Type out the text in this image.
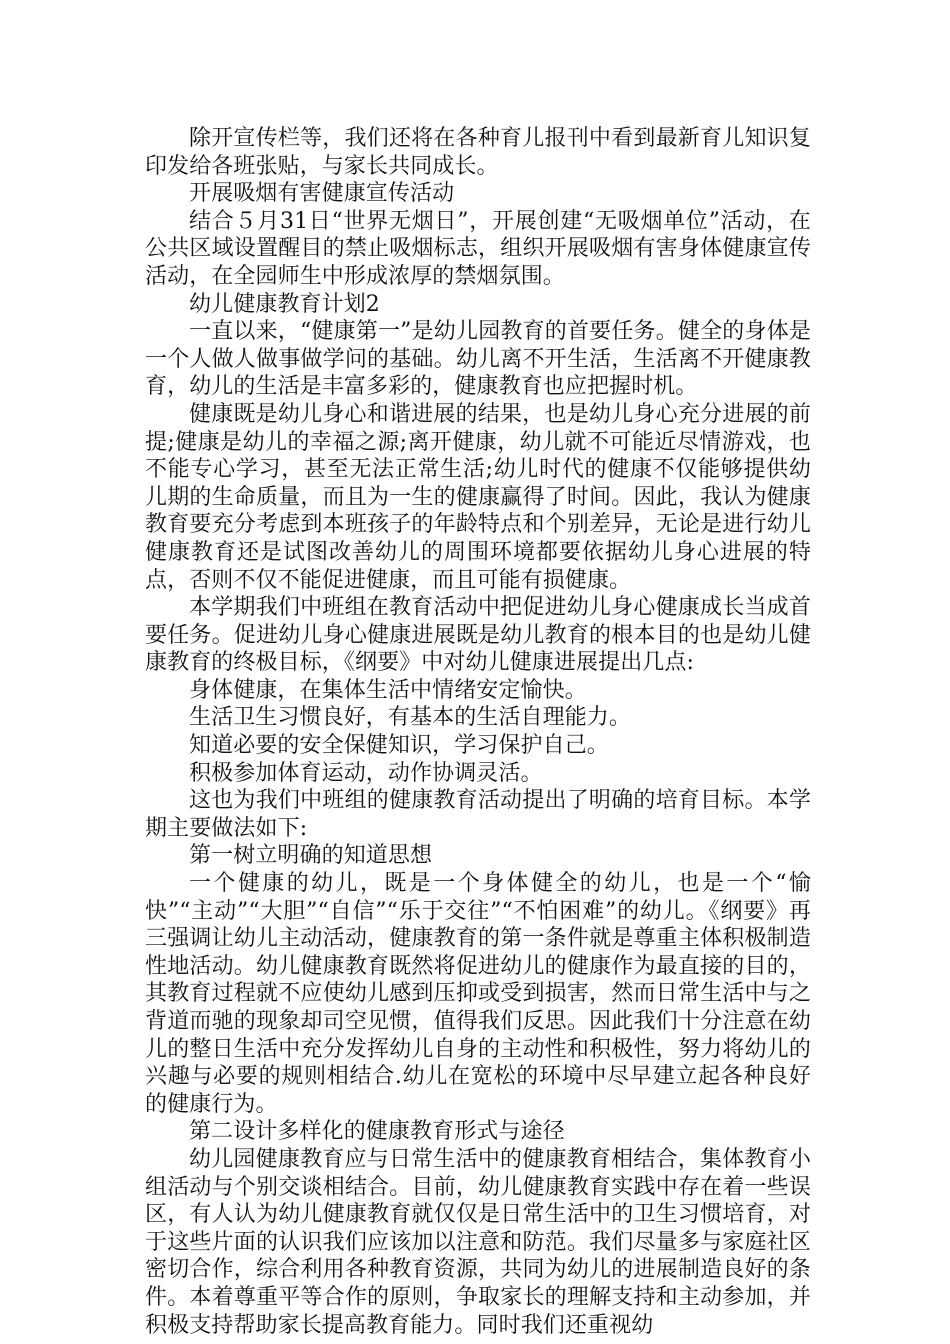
除开宣传栏等，我们还将在各种育儿报刊中看到最新育儿知识复印发给各班张贴，与家长共同成长。

开展吸烟有害健康宣传活动

结合５月31日“世界无烟日”，开展创建“无吸烟单位”活动，在公共区域设置醒目的禁止吸烟标志，组织开展吸烟有害身体健康宣传活动，在全园师生中形成浓厚的禁烟氛围。

幼儿健康教育计划2

一直以来，“健康第一”是幼儿园教育的首要任务。健全的身体是一个人做人做事做学问的基础。幼儿离不开生活，生活离不开健康教育，幼儿的生活是丰富多彩的，健康教育也应把握时机。

健康既是幼儿身心和谐进展的结果，也是幼儿身心充分进展的前提;健康是幼儿的幸福之源;离开健康，幼儿就不可能近尽情游戏，也不能专心学习，甚至无法正常生活;幼儿时代的健康不仅能够提供幼儿期的生命质量，而且为一生的健康赢得了时间。因此，我认为健康教育要充分考虑到本班孩子的年龄特点和个别差异，无论是进行幼儿健康教育还是试图改善幼儿的周围环境都要依据幼儿身心进展的特点，否则不仅不能促进健康，而且可能有损健康。

本学期我们中班组在教育活动中把促进幼儿身心健康成长当成首要任务。促进幼儿身心健康进展既是幼儿教育的根本目的也是幼儿健康教育的终极目标，《纲要》中对幼儿健康进展提出几点:

身体健康，在集体生活中情绪安定愉快。

生活卫生习惯良好，有基本的生活自理能力。

知道必要的安全保健知识，学习保护自己。

积极参加体育运动，动作协调灵活。

这也为我们中班组的健康教育活动提出了明确的培育目标。本学期主要做法如下:

第一树立明确的知道思想

一个健康的幼儿，既是一个身体健全的幼儿，也是一个“愉快”“主动”“大胆”“自信”“乐于交往”“不怕困难”的幼儿。《纲要》再三强调让幼儿主动活动，健康教育的第一条件就是尊重主体积极制造性地活动。幼儿健康教育既然将促进幼儿的健康作为最直接的目的，其教育过程就不应使幼儿感到压抑或受到损害，然而日常生活中与之背道而驰的现象却司空见惯，值得我们反思。因此我们十分注意在幼儿的整日生活中充分发挥幼儿自身的主动性和积极性，努力将幼儿的兴趣与必要的规则相结合.幼儿在宽松的环境中尽早建立起各种良好的健康行为。

第二设计多样化的健康教育形式与途径

幼儿园健康教育应与日常生活中的健康教育相结合，集体教育小组活动与个别交谈相结合。目前，幼儿健康教育实践中存在着一些误区，有人认为幼儿健康教育就仅仅是日常生活中的卫生习惯培育，对于这些片面的认识我们应该加以注意和防范。我们尽量多与家庭社区密切合作，综合利用各种教育资源，共同为幼儿的进展制造良好的条件。本着尊重平等合作的原则，争取家长的理解支持和主动参加，并积极支持帮助家长提高教育能力。同时我们还重视幼
